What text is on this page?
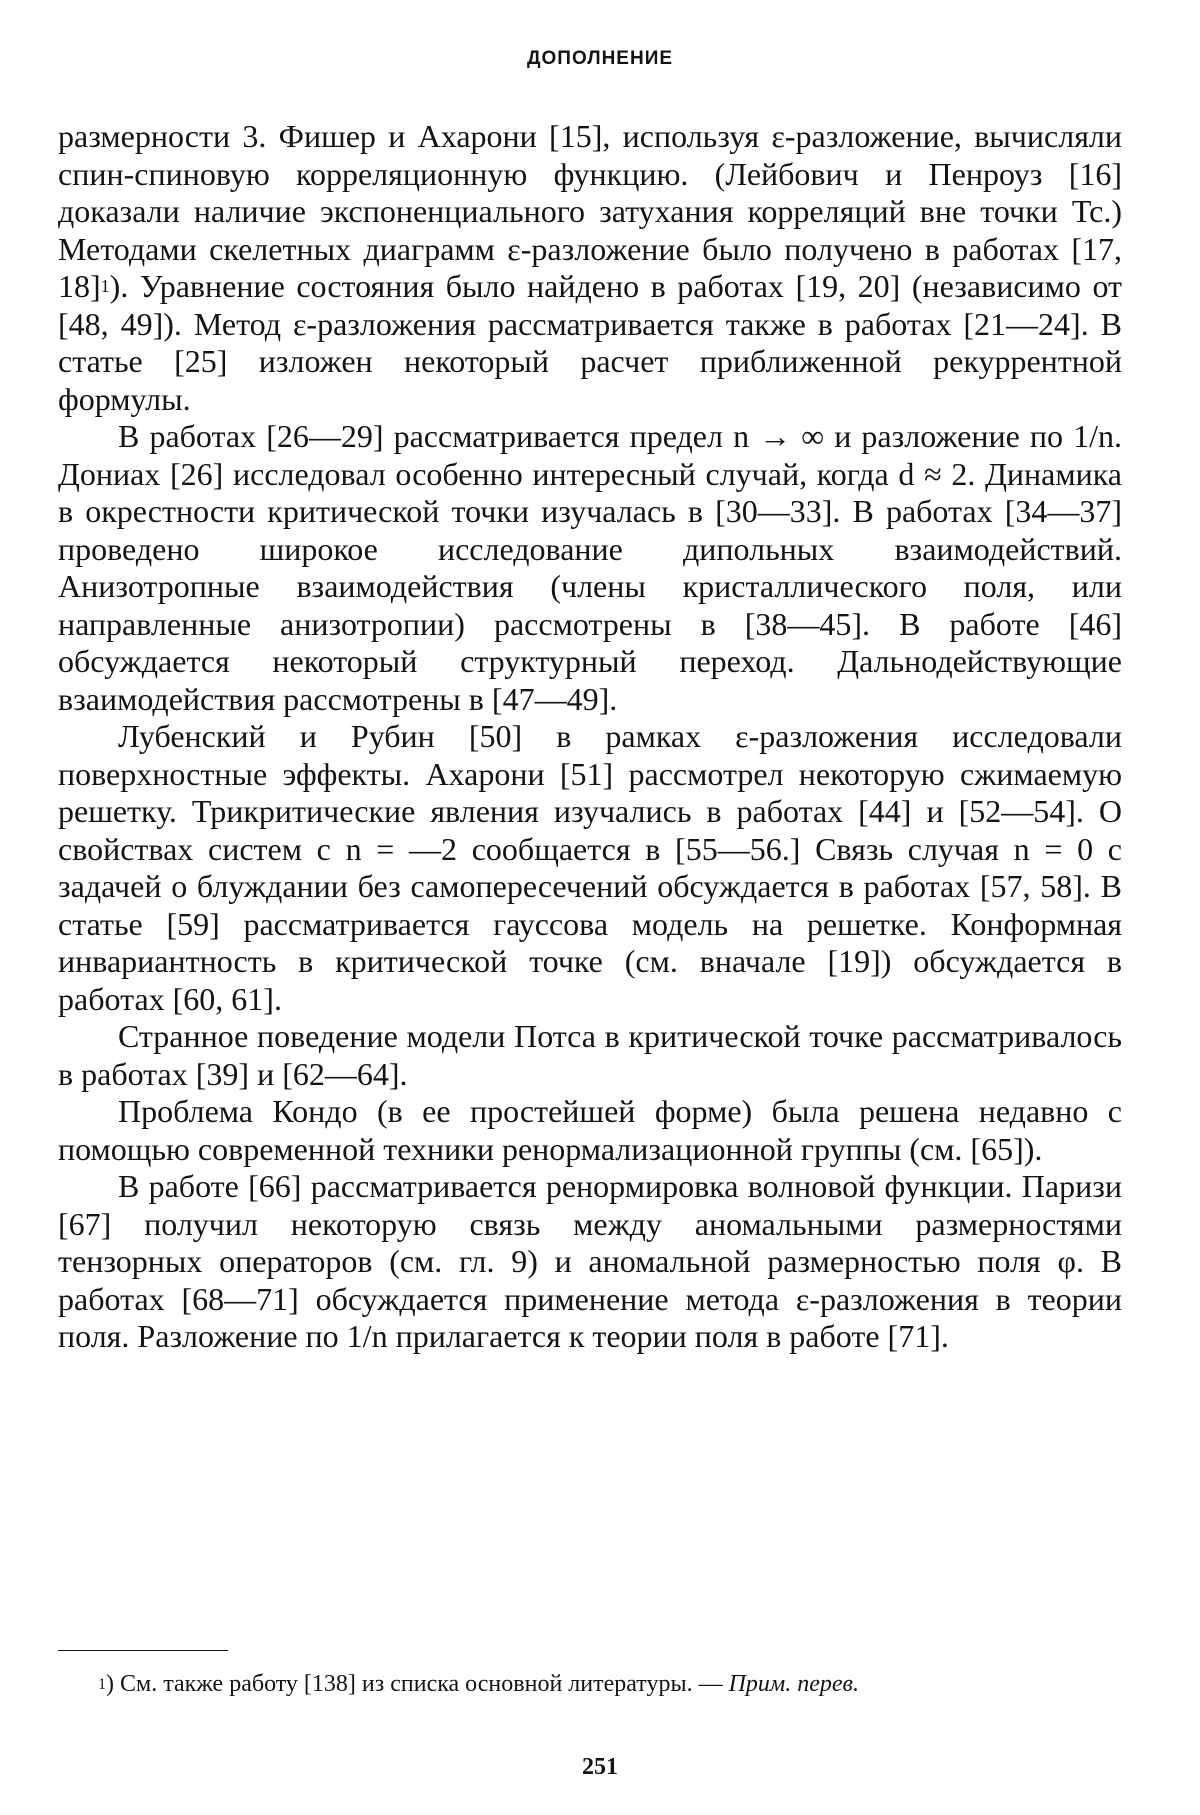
ДОПОЛНЕНИЕ

размерности 3. Фишер и Ахарони [15], используя ε-разложение, вычисляли спин-спиновую корреляционную функцию. (Лейбович и Пенроуз [16] доказали наличие экспоненциального затухания корреляций вне точки Tc.) Методами скелетных диаграмм ε-разложение было получено в работах [17, 18]$^1$). Уравнение состояния было найдено в работах [19, 20] (независимо от [48, 49]). Метод ε-разложения рассматривается также в работах [21—24]. В статье [25] изложен некоторый расчет приближенной рекуррентной формулы.

В работах [26—29] рассматривается предел n → ∞ и разложение по 1/n. Дониах [26] исследовал особенно интересный случай, когда d ≈ 2. Динамика в окрестности критической точки изучалась в [30—33]. В работах [34—37] проведено широкое исследование дипольных взаимодействий. Анизотропные взаимодействия (члены кристаллического поля, или направленные анизотропии) рассмотрены в [38—45]. В работе [46] обсуждается некоторый структурный переход. Дальнодействующие взаимодействия рассмотрены в [47—49].

Лубенский и Рубин [50] в рамках ε-разложения исследовали поверхностные эффекты. Ахарони [51] рассмотрел некоторую сжимаемую решетку. Трикритические явления изучались в работах [44] и [52—54]. О свойствах систем с n = —2 сообщается в [55—56.] Связь случая n = 0 с задачей о блуждании без самопересечений обсуждается в работах [57, 58]. В статье [59] рассматривается гауссова модель на решетке. Конформная инвариантность в критической точке (см. вначале [19]) обсуждается в работах [60, 61].

Странное поведение модели Потса в критической точке рассматривалось в работах [39] и [62—64].

Проблема Кондо (в ее простейшей форме) была решена недавно с помощью современной техники ренормализационной группы (см. [65]).

В работе [66] рассматривается ренормировка волновой функции. Паризи [67] получил некоторую связь между аномальными размерностями тензорных операторов (см. гл. 9) и аномальной размерностью поля φ. В работах [68—71] обсуждается применение метода ε-разложения в теории поля. Разложение по 1/n прилагается к теории поля в работе [71].

$^1$) См. также работу [138] из списка основной литературы. — Прим. перев.
251
